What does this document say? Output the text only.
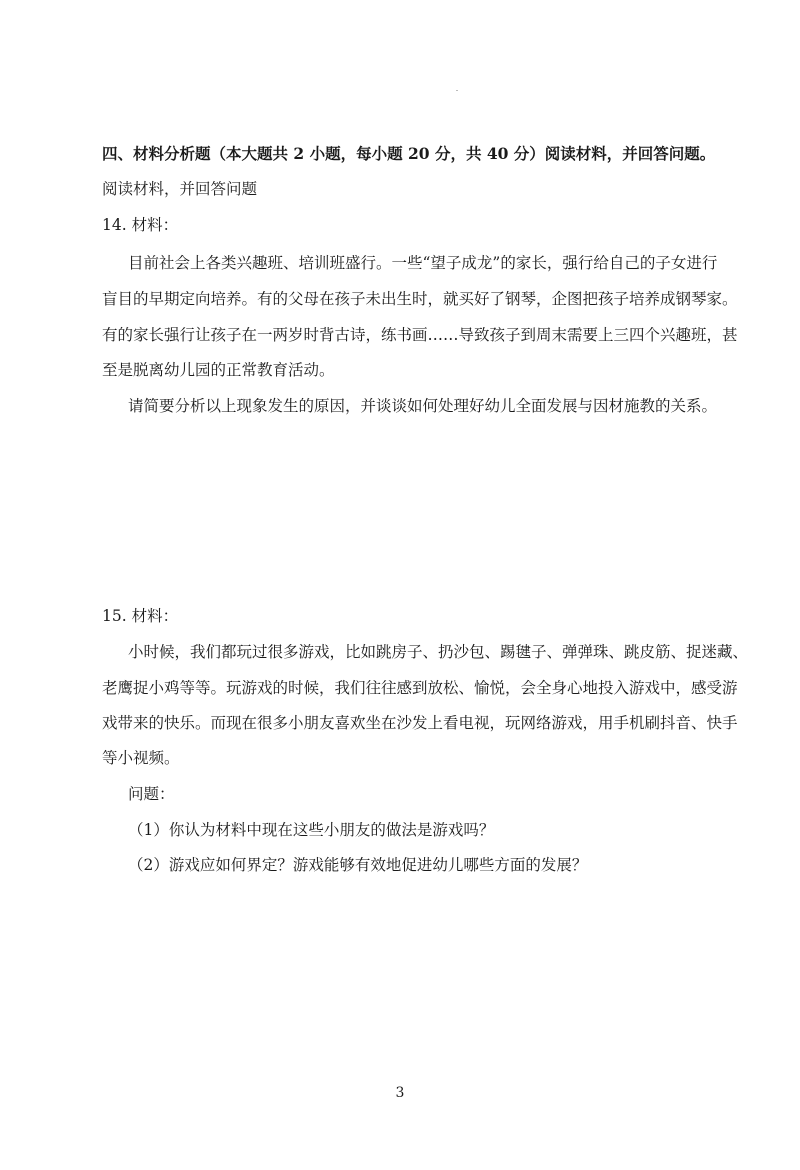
四、材料分析题（本大题共 2 小题，每小题 20 分，共 40 分）阅读材料，并回答问题。
阅读材料，并回答问题
14. 材料：
目前社会上各类兴趣班、培训班盛行。一些“望子成龙”的家长，强行给自己的子女进行
盲目的早期定向培养。有的父母在孩子未出生时，就买好了钢琴，企图把孩子培养成钢琴家。
有的家长强行让孩子在一两岁时背古诗，练书画……导致孩子到周末需要上三四个兴趣班，甚
至是脱离幼儿园的正常教育活动。
请简要分析以上现象发生的原因，并谈谈如何处理好幼儿全面发展与因材施教的关系。
15. 材料：
小时候，我们都玩过很多游戏，比如跳房子、扔沙包、踢毽子、弹弹珠、跳皮筋、捉迷藏、
老鹰捉小鸡等等。玩游戏的时候，我们往往感到放松、愉悦，会全身心地投入游戏中，感受游
戏带来的快乐。而现在很多小朋友喜欢坐在沙发上看电视，玩网络游戏，用手机刷抖音、快手
等小视频。
问题：
（1）你认为材料中现在这些小朋友的做法是游戏吗？
（2）游戏应如何界定？游戏能够有效地促进幼儿哪些方面的发展？
3
